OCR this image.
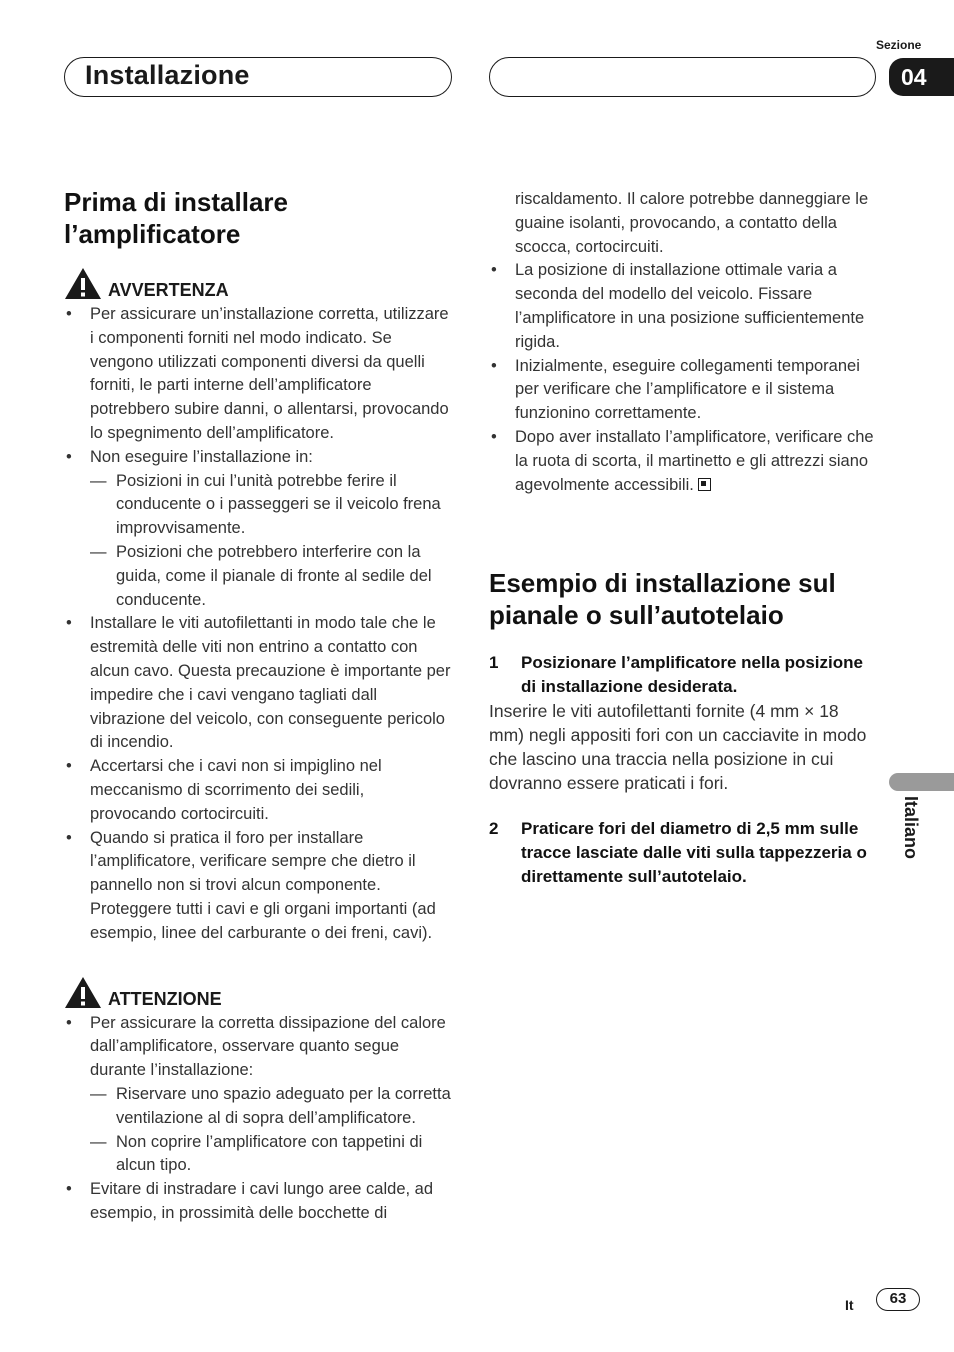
Installazione
Sezione
04
Prima di installare l’amplificatore
AVVERTENZA
• Per assicurare un’installazione corretta, utilizzare i componenti forniti nel modo indicato. Se vengono utilizzati componenti diversi da quelli forniti, le parti interne dell’amplificatore potrebbero subire danni, o allentarsi, provocando lo spegnimento dell’amplificatore.
• Non eseguire l’installazione in:
— Posizioni in cui l’unità potrebbe ferire il conducente o i passeggeri se il veicolo frena improvvisamente.
— Posizioni che potrebbero interferire con la guida, come il pianale di fronte al sedile del conducente.
• Installare le viti autofilettanti in modo tale che le estremità delle viti non entrino a contatto con alcun cavo. Questa precauzione è importante per impedire che i cavi vengano tagliati dall vibrazione del veicolo, con conseguente pericolo di incendio.
• Accertarsi che i cavi non si impiglino nel meccanismo di scorrimento dei sedili, provocando cortocircuiti.
• Quando si pratica il foro per installare l’amplificatore, verificare sempre che dietro il pannello non si trovi alcun componente. Proteggere tutti i cavi e gli organi importanti (ad esempio, linee del carburante o dei freni, cavi).
ATTENZIONE
• Per assicurare la corretta dissipazione del calore dall’amplificatore, osservare quanto segue durante l’installazione:
— Riservare uno spazio adeguato per la corretta ventilazione al di sopra dell’amplificatore.
— Non coprire l’amplificatore con tappetini di alcun tipo.
• Evitare di instradare i cavi lungo aree calde, ad esempio, in prossimità delle bocchette di
riscaldamento. Il calore potrebbe danneggiare le guaine isolanti, provocando, a contatto della scocca, cortocircuiti.
• La posizione di installazione ottimale varia a seconda del modello del veicolo. Fissare l’amplificatore in una posizione sufficientemente rigida.
• Inizialmente, eseguire collegamenti temporanei per verificare che l’amplificatore e il sistema funzionino correttamente.
• Dopo aver installato l’amplificatore, verificare che la ruota di scorta, il martinetto e gli attrezzi siano agevolmente accessibili.
Esempio di installazione sul pianale o sull’autotelaio
1	Posizionare l’amplificatore nella posizione di installazione desiderata.
Inserire le viti autofilettanti fornite (4 mm × 18 mm) negli appositi fori con un cacciavite in modo che lascino una traccia nella posizione in cui dovranno essere praticati i fori.
2	Praticare fori del diametro di 2,5 mm sulle tracce lasciate dalle viti sulla tappezzeria o direttamente sull’autotelaio.
Italiano
It	63
